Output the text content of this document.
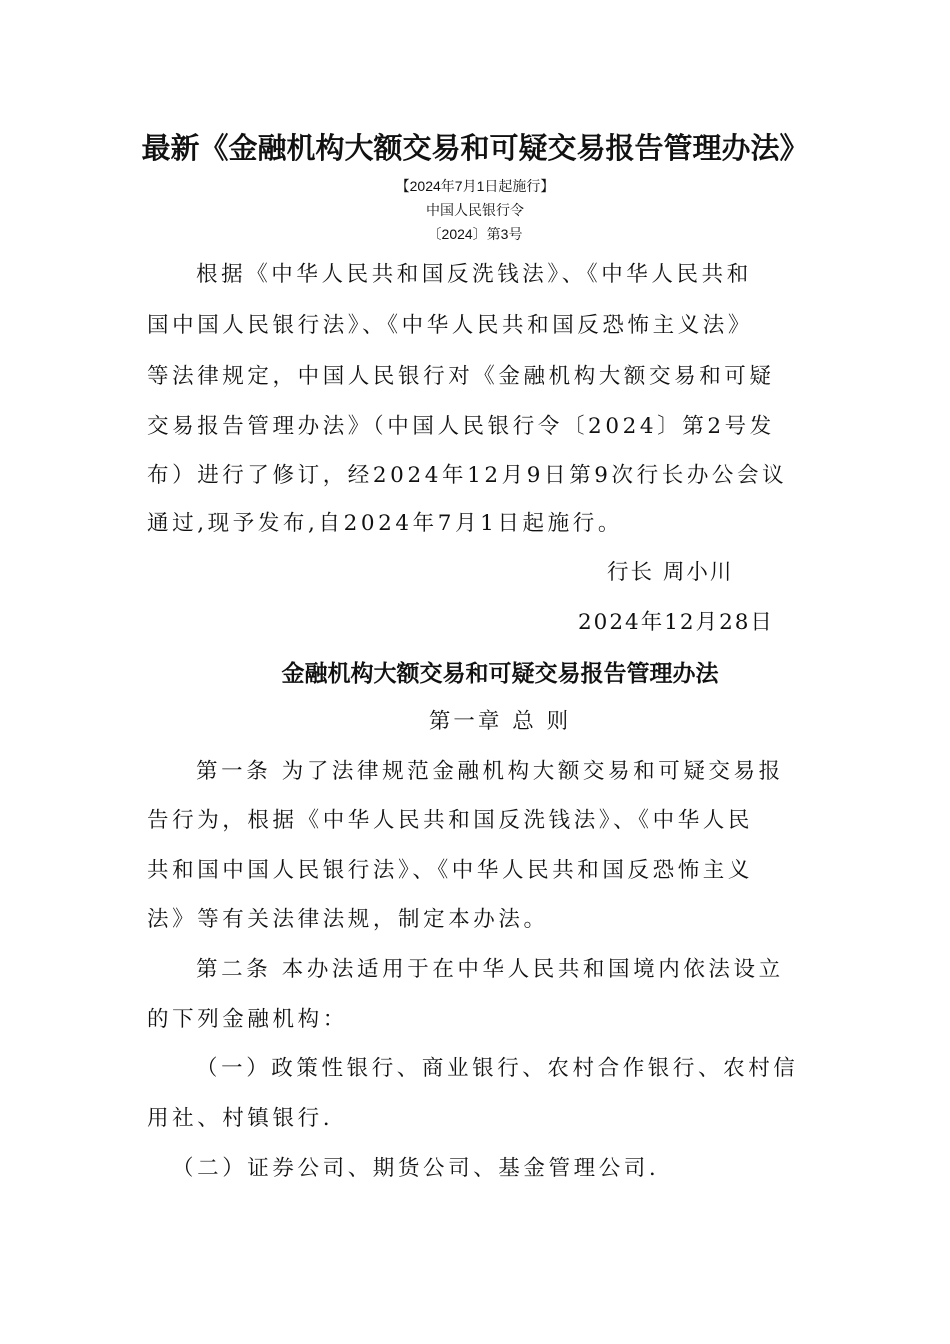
最新《金融机构大额交易和可疑交易报告管理办法》
【2024年7月1日起施行】
中国人民银行令
〔2024〕第3号
根据《中华人民共和国反洗钱法》、《中华人民共和
国中国人民银行法》、《中华人民共和国反恐怖主义法》
等法律规定，中国人民银行对《金融机构大额交易和可疑
交易报告管理办法》（中国人民银行令〔2024〕第2号发
布）进行了修订，经2024年12月9日第9次行长办公会议
通过,现予发布,自2024年7月1日起施行。
行长 周小川
2024年12月28日
金融机构大额交易和可疑交易报告管理办法
第一章 总 则
第一条 为了法律规范金融机构大额交易和可疑交易报
告行为，根据《中华人民共和国反洗钱法》、《中华人民
共和国中国人民银行法》、《中华人民共和国反恐怖主义
法》等有关法律法规，制定本办法。
第二条 本办法适用于在中华人民共和国境内依法设立
的下列金融机构：
（一）政策性银行、商业银行、农村合作银行、农村信
用社、村镇银行.
（二）证券公司、期货公司、基金管理公司.
